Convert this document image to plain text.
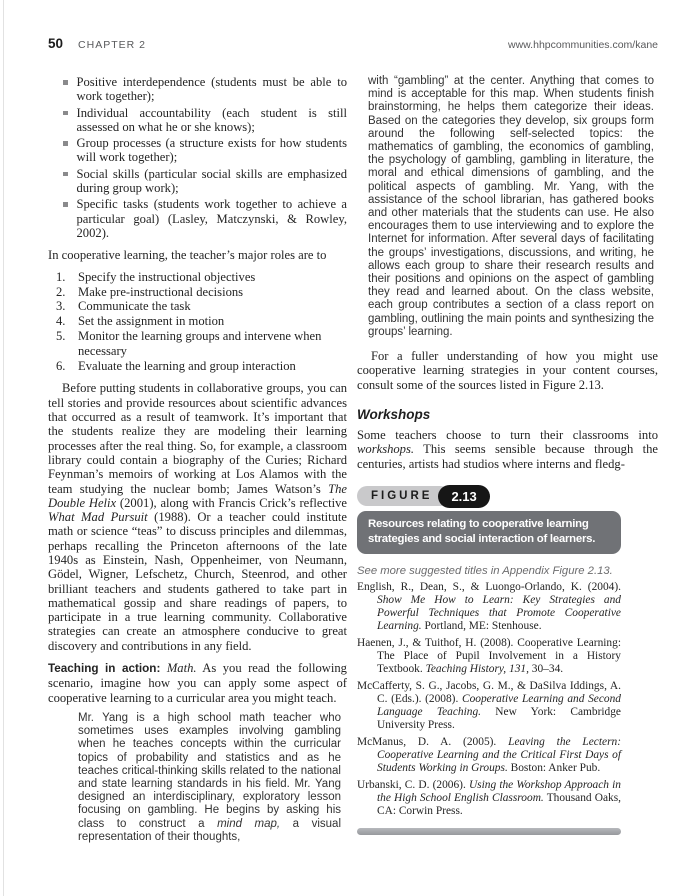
50 CHAPTER 2	www.hhpcommunities.com/kane
Positive interdependence (students must be able to work together);
Individual accountability (each student is still assessed on what he or she knows);
Group processes (a structure exists for how students will work together);
Social skills (particular social skills are emphasized during group work);
Specific tasks (students work together to achieve a particular goal) (Lasley, Matczynski, & Rowley, 2002).

In cooperative learning, the teacher’s major roles are to

1. Specify the instructional objectives
2. Make pre-instructional decisions
3. Communicate the task
4. Set the assignment in motion
5. Monitor the learning groups and intervene when necessary
6. Evaluate the learning and group interaction

Before putting students in collaborative groups, you can tell stories and provide resources about scientific advances that occurred as a result of teamwork. It’s important that the students realize they are modeling their learning processes after the real thing. So, for example, a classroom library could contain a biography of the Curies; Richard Feynman’s memoirs of working at Los Alamos with the team studying the nuclear bomb; James Watson’s The Double Helix (2001), along with Francis Crick’s reflective What Mad Pursuit (1988). Or a teacher could institute math or science “teas” to discuss principles and dilemmas, perhaps recalling the Princeton afternoons of the late 1940s as Einstein, Nash, Oppenheimer, von Neumann, Gödel, Wigner, Lefschetz, Church, Steenrod, and other brilliant teachers and students gathered to take part in mathematical gossip and share readings of papers, to participate in a true learning community. Collaborative strategies can create an atmosphere conducive to great discovery and contributions in any field.

Teaching in action: Math. As you read the following scenario, imagine how you can apply some aspect of cooperative learning to a curricular area you might teach.

Mr. Yang is a high school math teacher who sometimes uses examples involving gambling when he teaches concepts within the curricular topics of probability and statistics and as he teaches critical-thinking skills related to the national and state learning standards in his field. Mr. Yang designed an interdisciplinary, exploratory lesson focusing on gambling. He begins by asking his class to construct a mind map, a visual representation of their thoughts,
with “gambling” at the center. Anything that comes to mind is acceptable for this map. When students finish brainstorming, he helps them categorize their ideas. Based on the categories they develop, six groups form around the following self-selected topics: the mathematics of gambling, the economics of gambling, the psychology of gambling, gambling in literature, the moral and ethical dimensions of gambling, and the political aspects of gambling. Mr. Yang, with the assistance of the school librarian, has gathered books and other materials that the students can use. He also encourages them to use interviewing and to explore the Internet for information. After several days of facilitating the groups’ investigations, discussions, and writing, he allows each group to share their research results and their positions and opinions on the aspect of gambling they read and learned about. On the class website, each group contributes a section of a class report on gambling, outlining the main points and synthesizing the groups’ learning.

For a fuller understanding of how you might use cooperative learning strategies in your content courses, consult some of the sources listed in Figure 2.13.

Workshops

Some teachers choose to turn their classrooms into workshops. This seems sensible because through the centuries, artists had studios where interns and fledg-

FIGURE	2.13
Resources relating to cooperative learning strategies and social interaction of learners.

See more suggested titles in Appendix Figure 2.13.

English, R., Dean, S., & Luongo-Orlando, K. (2004). Show Me How to Learn: Key Strategies and Powerful Techniques that Promote Cooperative Learning. Portland, ME: Stenhouse.

Haenen, J., & Tuithof, H. (2008). Cooperative Learning: The Place of Pupil Involvement in a History Textbook. Teaching History, 131, 30–34.

McCafferty, S. G., Jacobs, G. M., & DaSilva Iddings, A. C. (Eds.). (2008). Cooperative Learning and Second Language Teaching. New York: Cambridge University Press.

McManus, D. A. (2005). Leaving the Lectern: Cooperative Learning and the Critical First Days of Students Working in Groups. Boston: Anker Pub.

Urbanski, C. D. (2006). Using the Workshop Approach in the High School English Classroom. Thousand Oaks, CA: Corwin Press.
